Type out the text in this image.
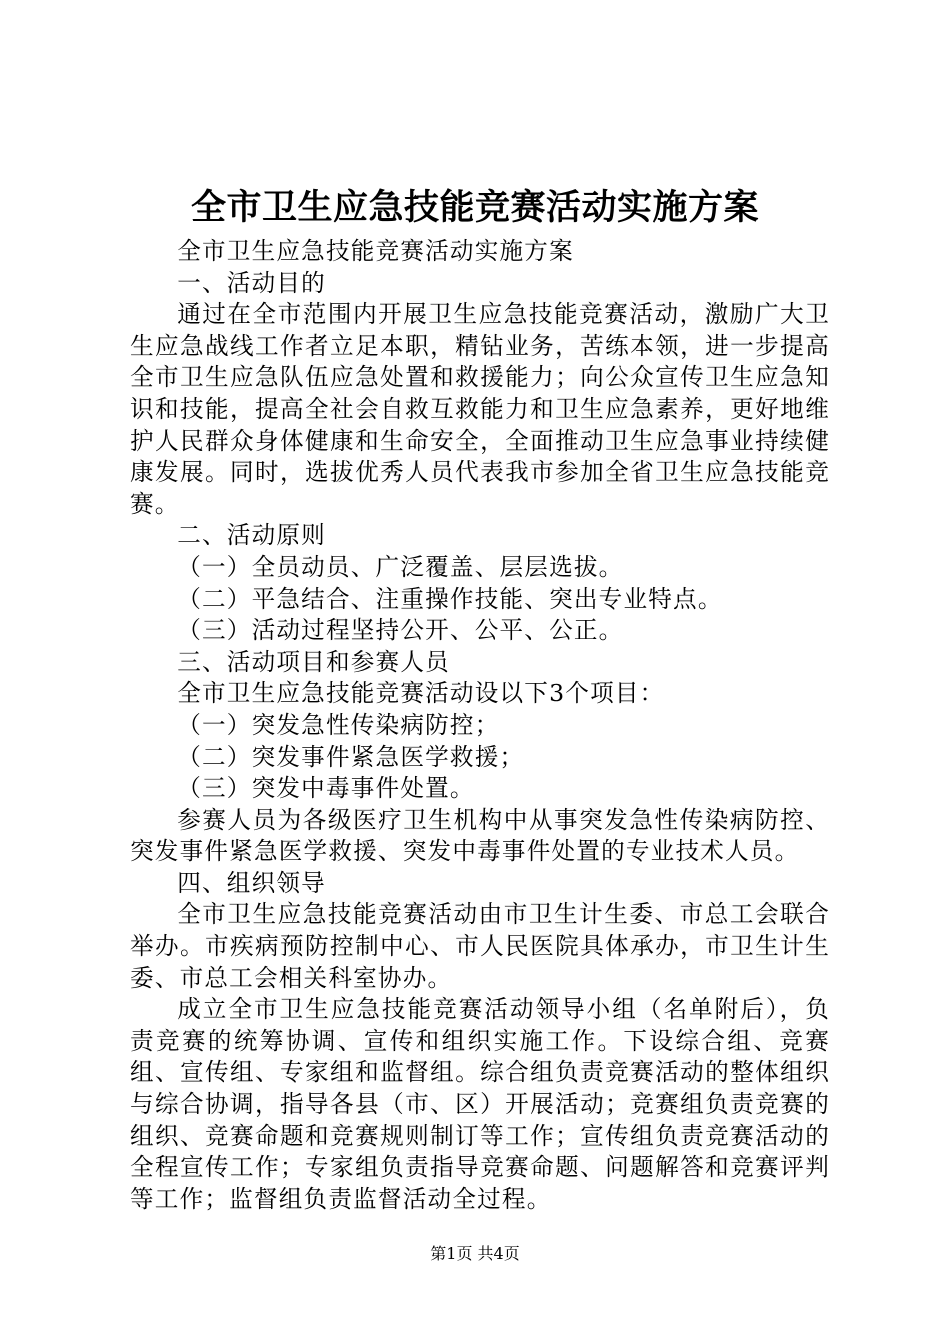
全市卫生应急技能竞赛活动实施方案

全市卫生应急技能竞赛活动实施方案

一、活动目的

通过在全市范围内开展卫生应急技能竞赛活动，激励广大卫生应急战线工作者立足本职，精钻业务，苦练本领，进一步提高全市卫生应急队伍应急处置和救援能力；向公众宣传卫生应急知识和技能，提高全社会自救互救能力和卫生应急素养，更好地维护人民群众身体健康和生命安全，全面推动卫生应急事业持续健康发展。同时，选拔优秀人员代表我市参加全省卫生应急技能竞赛。

二、活动原则

（一）全员动员、广泛覆盖、层层选拔。

（二）平急结合、注重操作技能、突出专业特点。

（三）活动过程坚持公开、公平、公正。

三、活动项目和参赛人员

全市卫生应急技能竞赛活动设以下3个项目：

（一）突发急性传染病防控；

（二）突发事件紧急医学救援；

（三）突发中毒事件处置。

参赛人员为各级医疗卫生机构中从事突发急性传染病防控、突发事件紧急医学救援、突发中毒事件处置的专业技术人员。

四、组织领导

全市卫生应急技能竞赛活动由市卫生计生委、市总工会联合举办。市疾病预防控制中心、市人民医院具体承办，市卫生计生委、市总工会相关科室协办。

成立全市卫生应急技能竞赛活动领导小组（名单附后），负责竞赛的统筹协调、宣传和组织实施工作。下设综合组、竞赛组、宣传组、专家组和监督组。综合组负责竞赛活动的整体组织与综合协调，指导各县（市、区）开展活动；竞赛组负责竞赛的组织、竞赛命题和竞赛规则制订等工作；宣传组负责竞赛活动的全程宣传工作；专家组负责指导竞赛命题、问题解答和竞赛评判等工作；监督组负责监督活动全过程。

第1页 共4页
